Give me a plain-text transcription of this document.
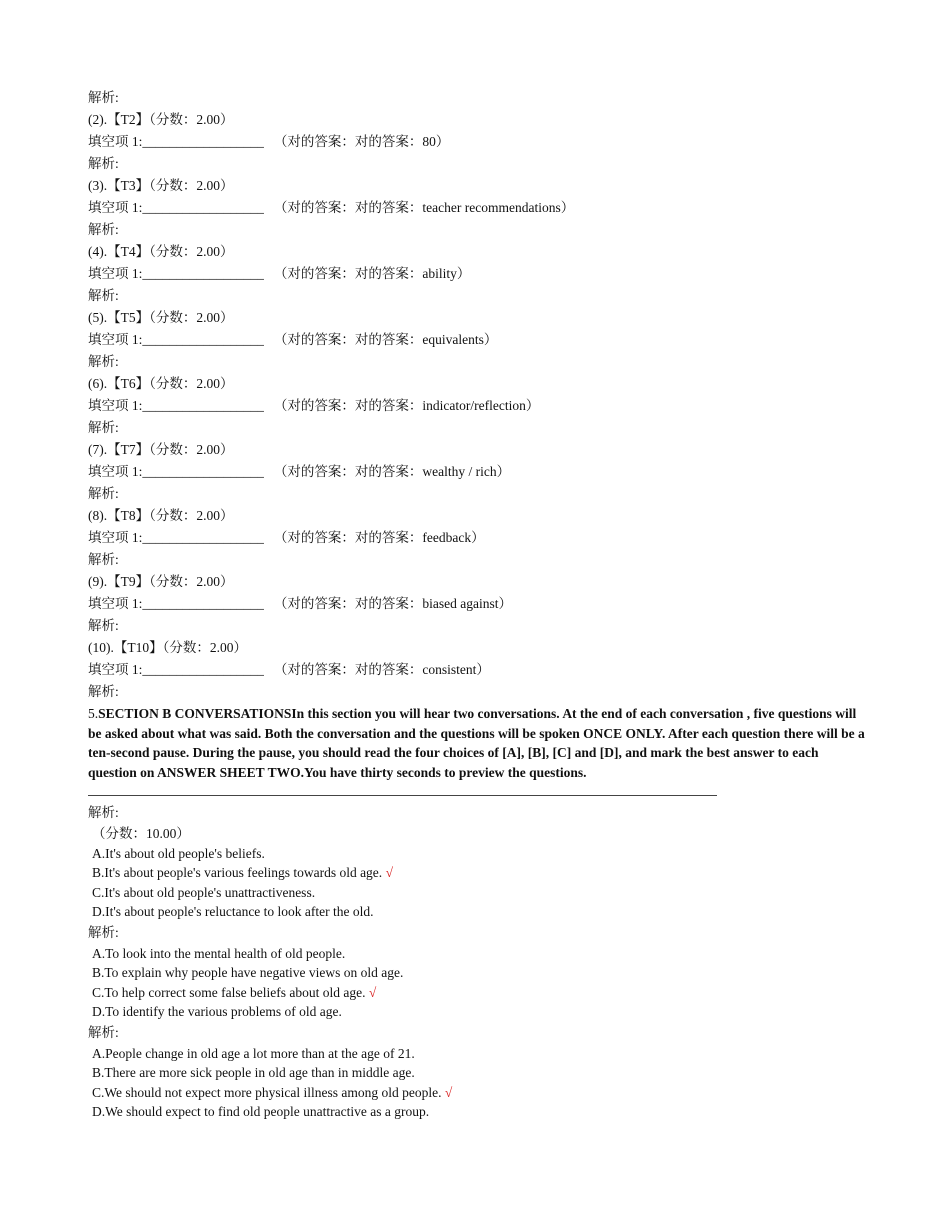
解析:
(2).【T2】（分数：2.00）
填空项 1:__________________ （对的答案：对的答案：80）
解析:
(3).【T3】（分数：2.00）
填空项 1:__________________ （对的答案：对的答案：teacher recommendations）
解析:
(4).【T4】（分数：2.00）
填空项 1:__________________ （对的答案：对的答案：ability）
解析:
(5).【T5】（分数：2.00）
填空项 1:__________________ （对的答案：对的答案：equivalents）
解析:
(6).【T6】（分数：2.00）
填空项 1:__________________ （对的答案：对的答案：indicator/reflection）
解析:
(7).【T7】（分数：2.00）
填空项 1:__________________ （对的答案：对的答案：wealthy / rich）
解析:
(8).【T8】（分数：2.00）
填空项 1:__________________ （对的答案：对的答案：feedback）
解析:
(9).【T9】（分数：2.00）
填空项 1:__________________ （对的答案：对的答案：biased against）
解析:
(10).【T10】（分数：2.00）
填空项 1:__________________ （对的答案：对的答案：consistent）
解析:
5.SECTION B CONVERSATIONSIn this section you will hear two conversations. At the end of each conversation , five questions will be asked about what was said. Both the conversation and the questions will be spoken ONCE ONLY. After each question there will be a ten-second pause. During the pause, you should read the four choices of [A], [B], [C] and [D], and mark the best answer to each question on ANSWER SHEET TWO.You have thirty seconds to preview the questions.
解析:
（分数：10.00）
A.It's about old people's beliefs.
B.It's about people's various feelings towards old age. √
C.It's about old people's unattractiveness.
D.It's about people's reluctance to look after the old.
解析:
A.To look into the mental health of old people.
B.To explain why people have negative views on old age.
C.To help correct some false beliefs about old age. √
D.To identify the various problems of old age.
解析:
A.People change in old age a lot more than at the age of 21.
B.There are more sick people in old age than in middle age.
C.We should not expect more physical illness among old people. √
D.We should expect to find old people unattractive as a group.
